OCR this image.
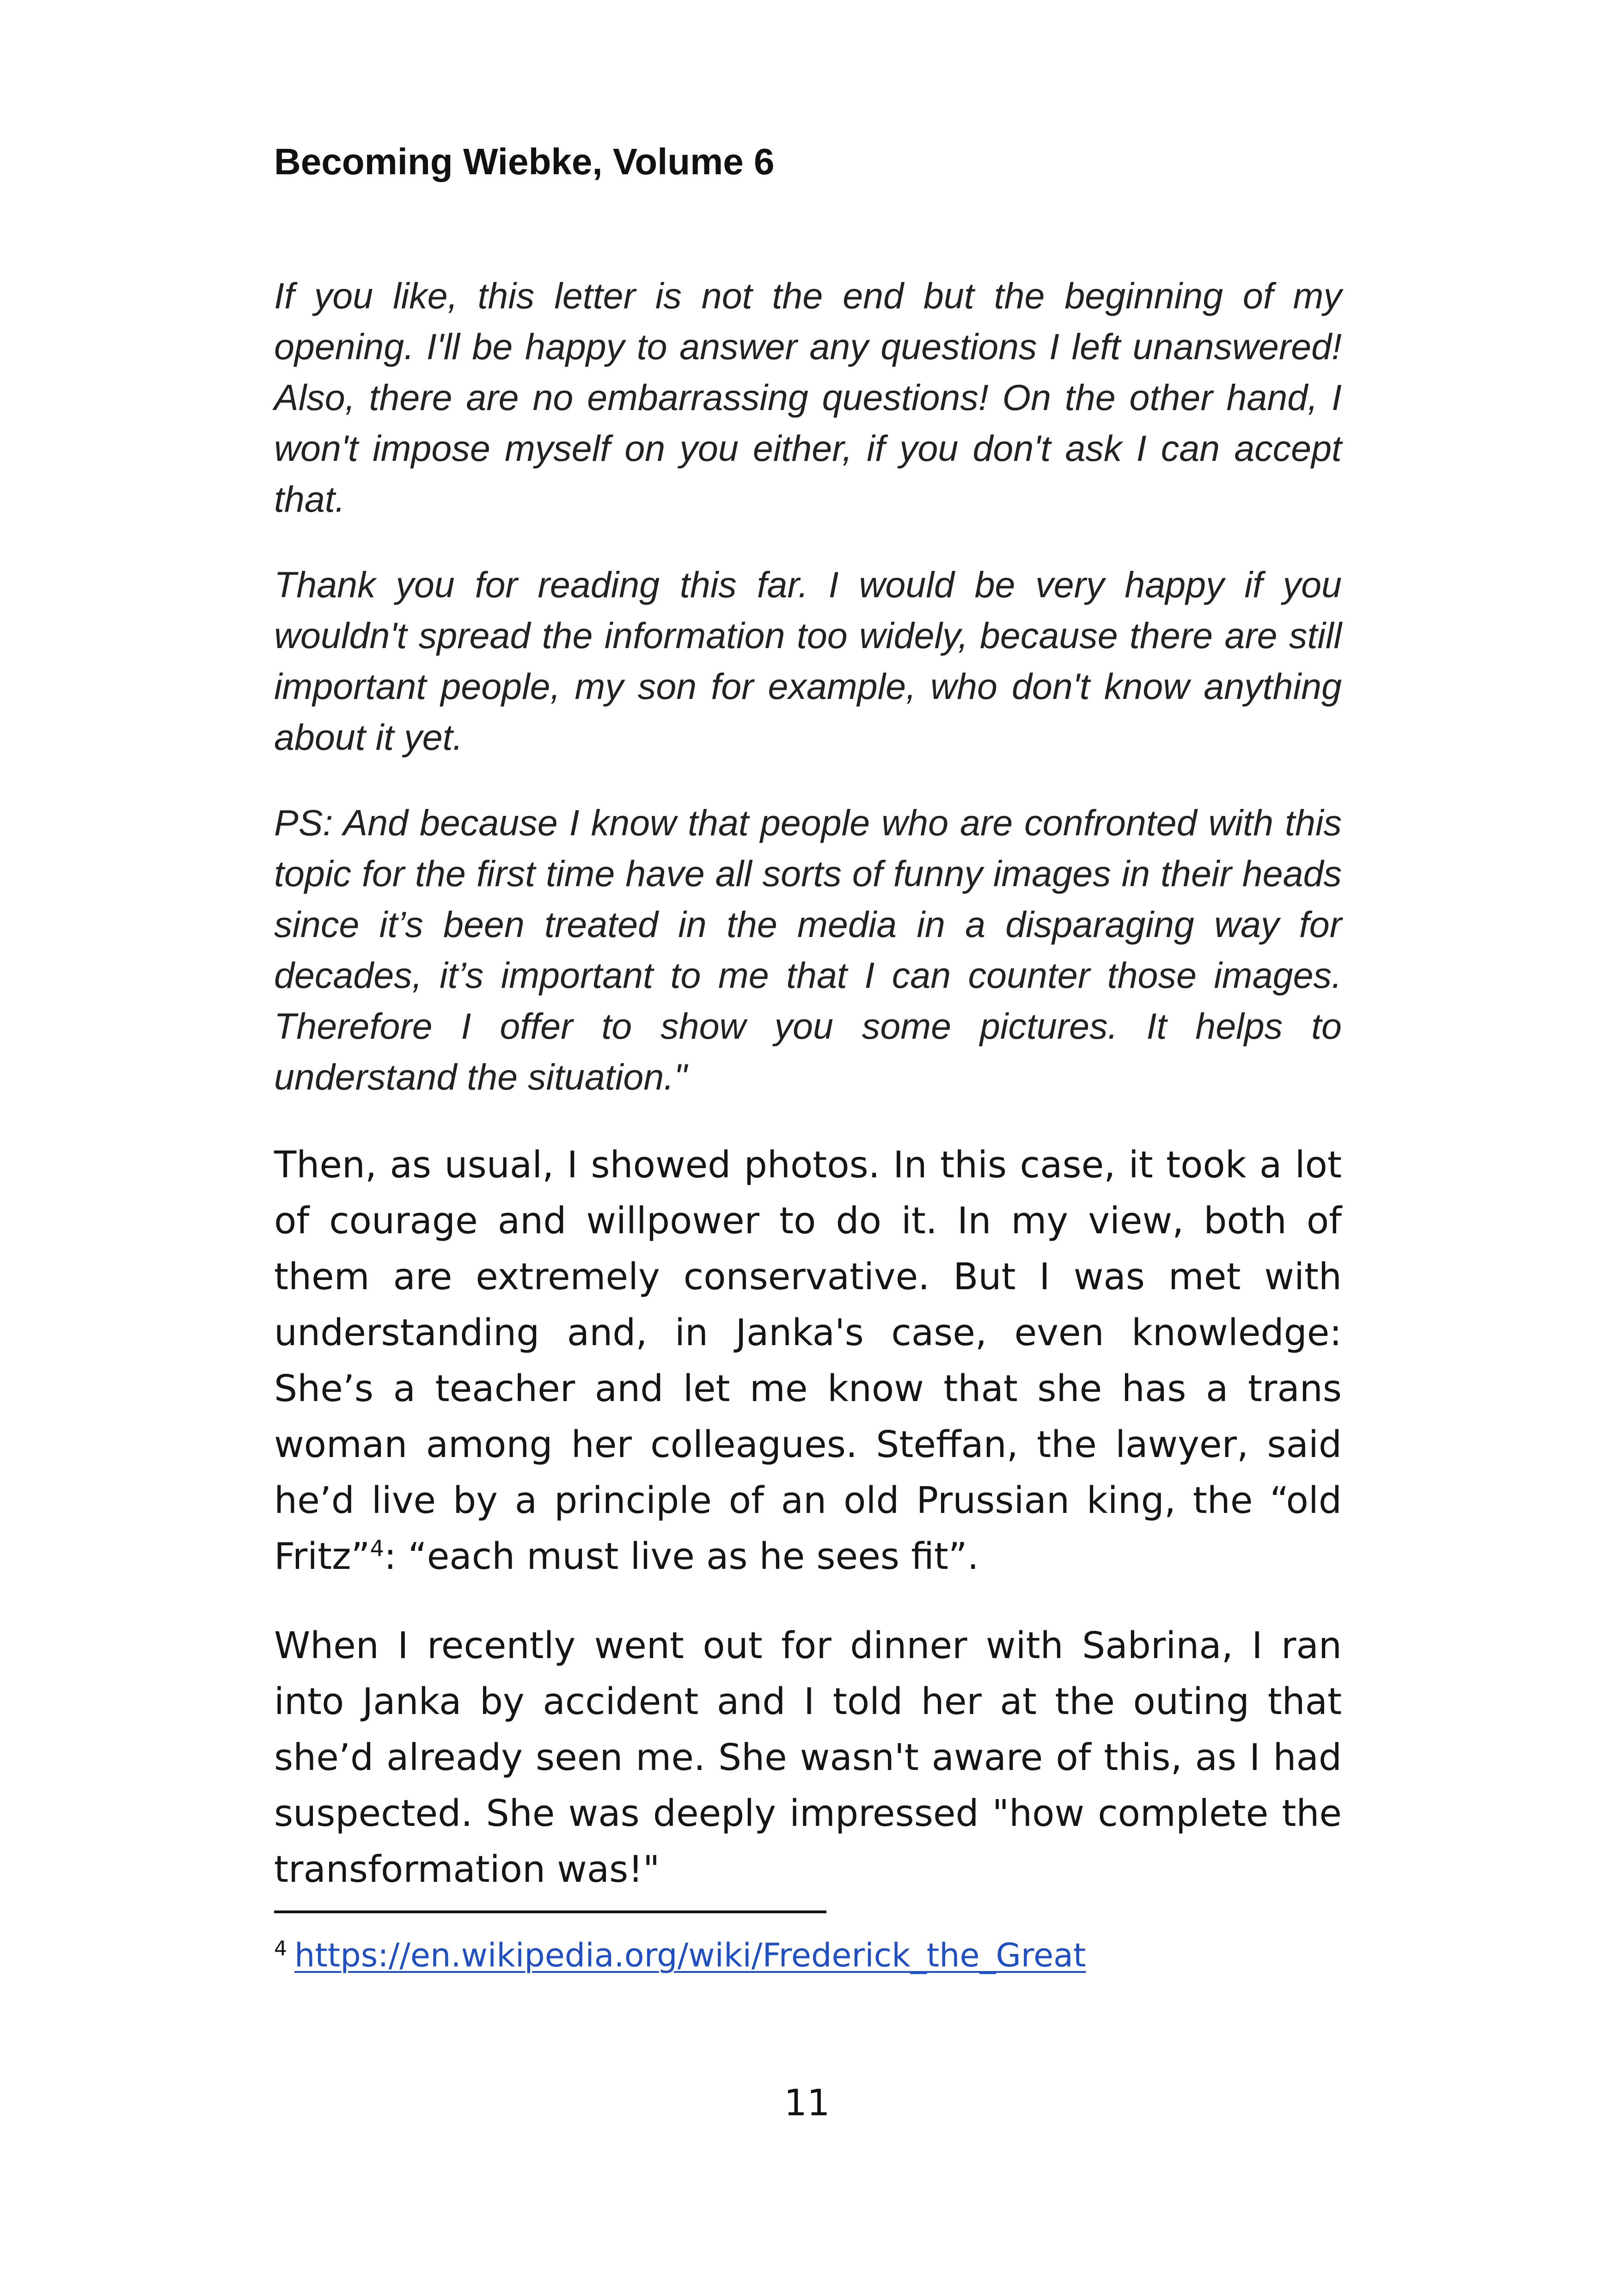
Becoming Wiebke, Volume 6

If you like, this letter is not the end but the beginning of my opening. I'll be happy to answer any questions I left unanswered! Also, there are no embarrassing questions! On the other hand, I won't impose myself on you either, if you don't ask I can accept that.

Thank you for reading this far. I would be very happy if you wouldn't spread the information too widely, because there are still important people, my son for example, who don't know anything about it yet.

PS: And because I know that people who are confronted with this topic for the first time have all sorts of funny images in their heads since it’s been treated in the media in a disparaging way for decades, it’s important to me that I can counter those images. Therefore I offer to show you some pictures. It helps to understand the situation."

Then, as usual, I showed photos. In this case, it took a lot of courage and willpower to do it. In my view, both of them are extremely conservative. But I was met with understanding and, in Janka's case, even knowledge: She’s a teacher and let me know that she has a trans woman among her colleagues. Steffan, the lawyer, said he’d live by a principle of an old Prussian king, the “old Fritz”$^4$: “each must live as he sees fit”.

When I recently went out for dinner with Sabrina, I ran into Janka by accident and I told her at the outing that she’d already seen me. She wasn't aware of this, as I had suspected. She was deeply impressed "how complete the transformation was!"

$^4$ https://en.wikipedia.org/wiki/Frederick_the_Great
11
